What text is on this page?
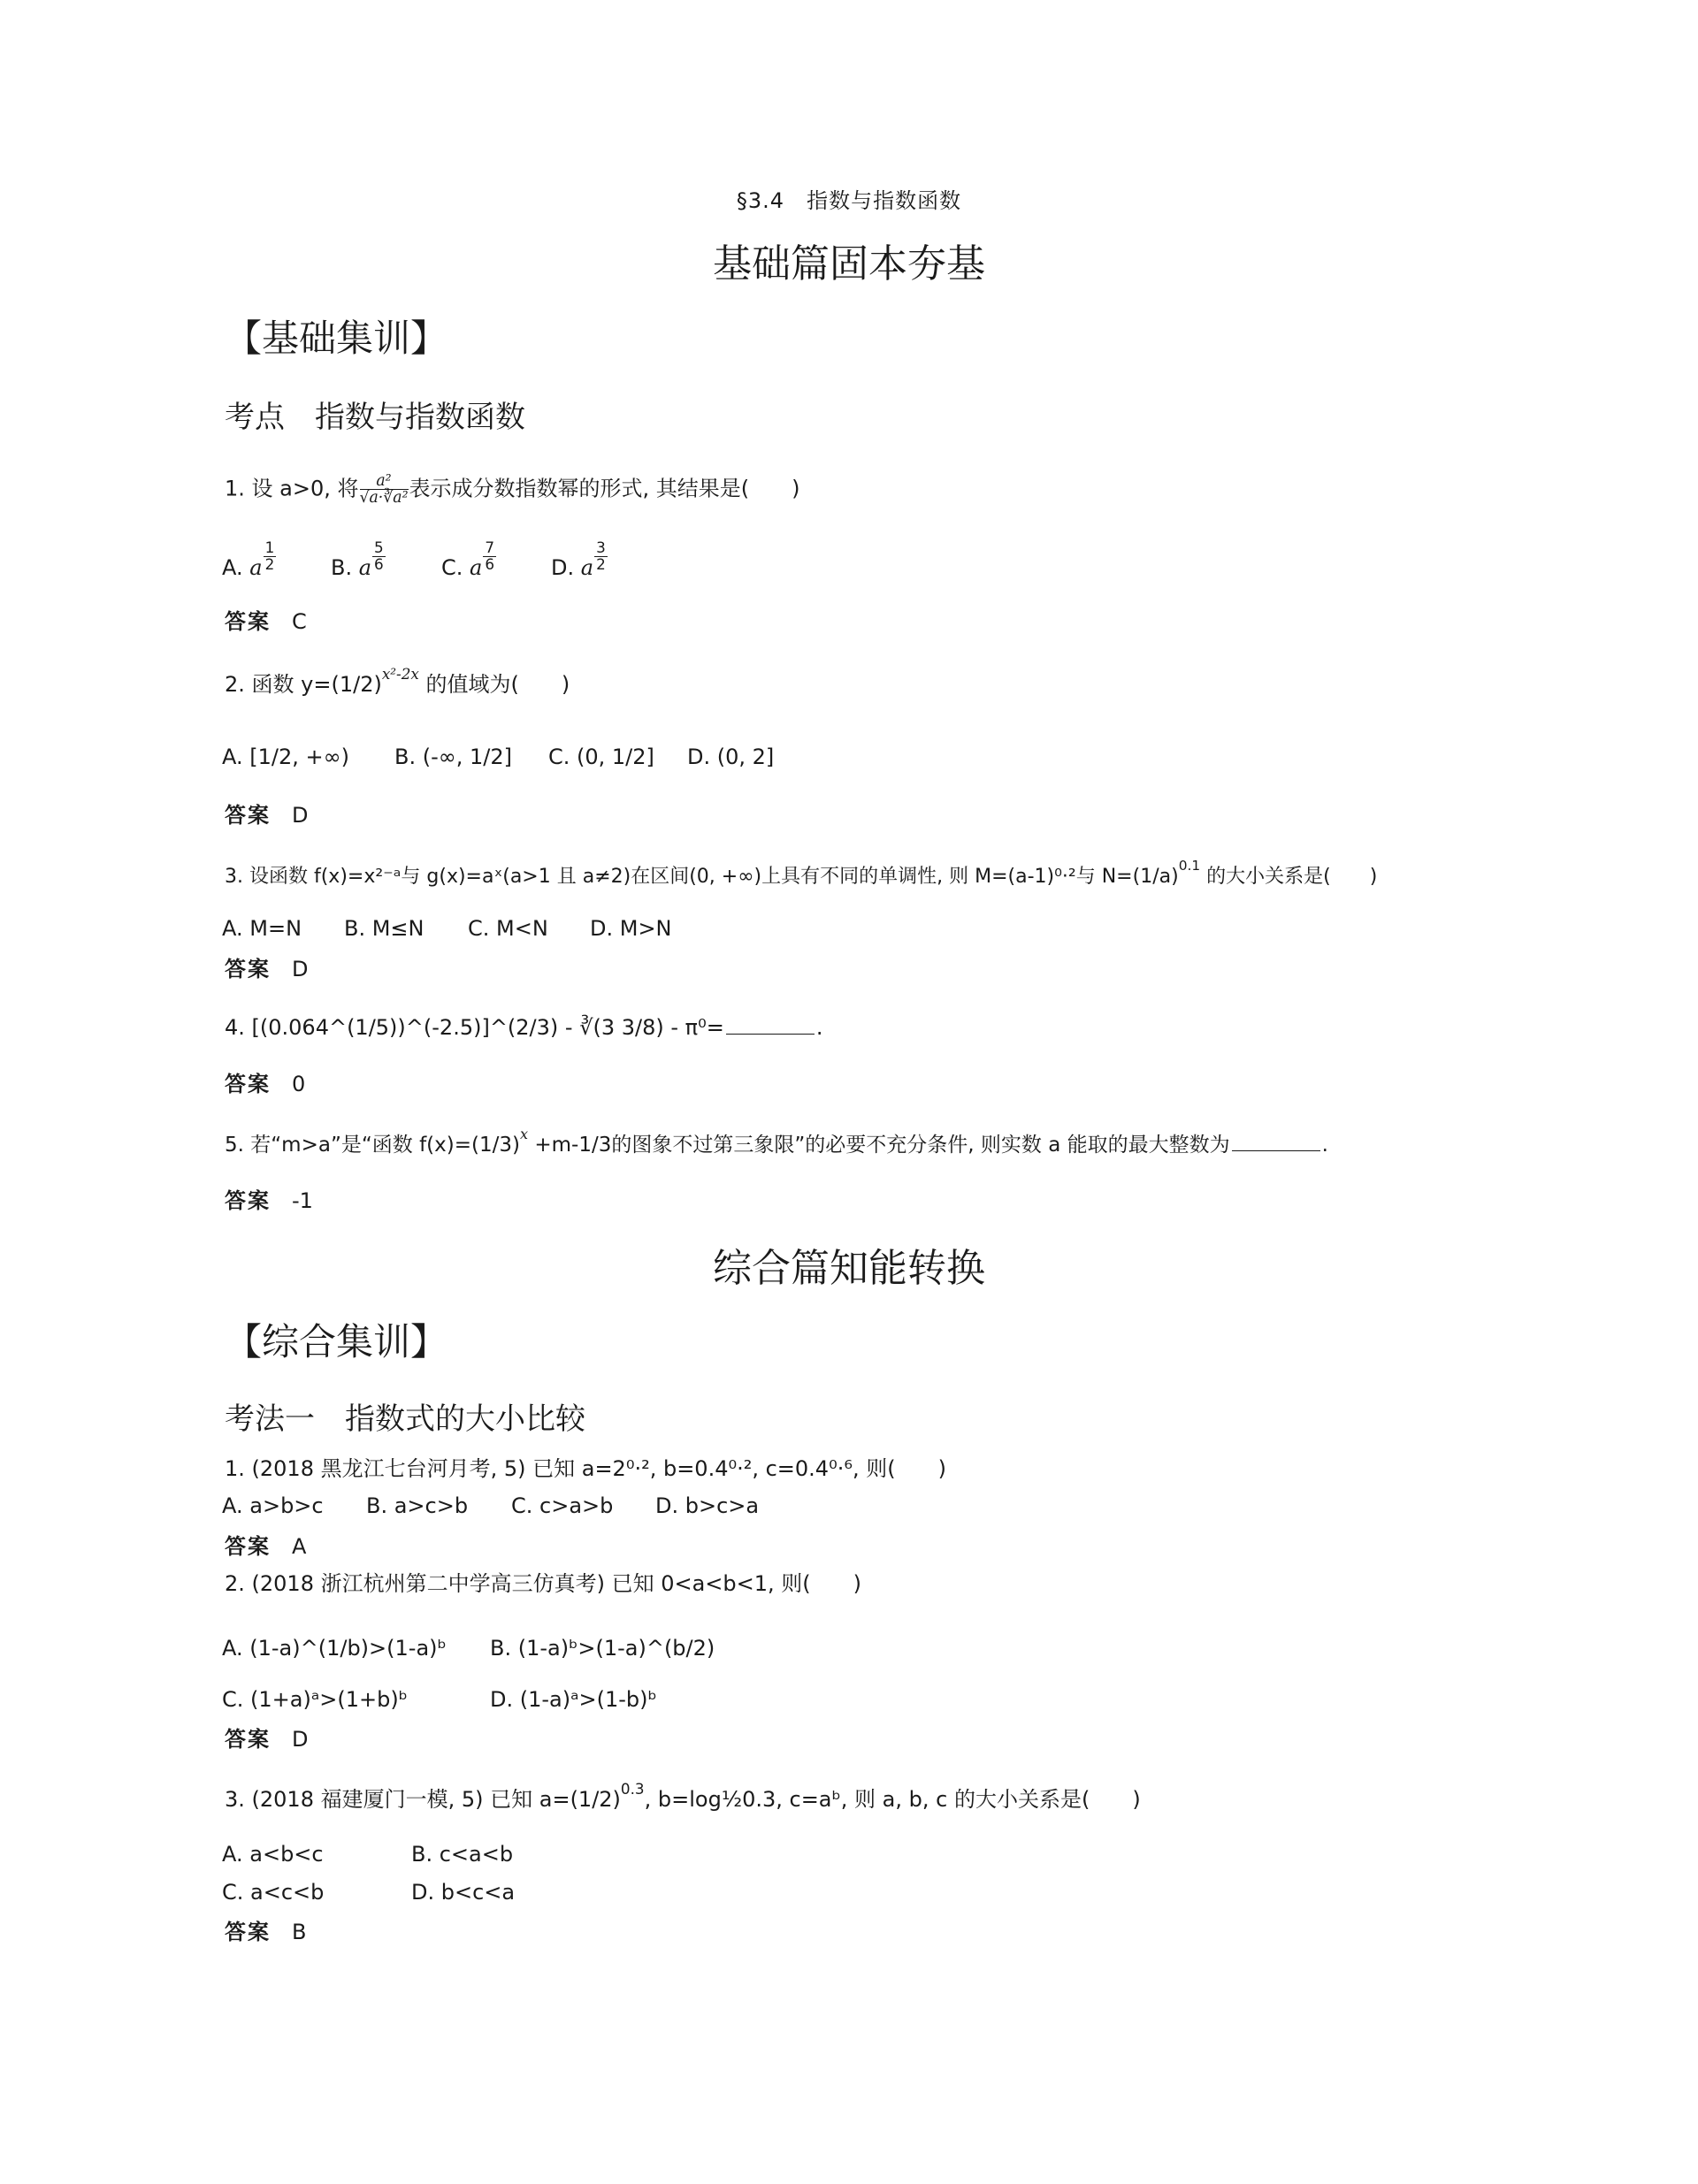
§3.4　指数与指数函数
基础篇固本夯基
【基础集训】
考点　指数与指数函数
1. 设 a>0, 将 $\frac{\text{a²}}{\text{√a·∛a²}}$ 表示成分数指数幂的形式, 其结果是(　　)
A. a $\frac{1}{2}$	B. a $\frac{5}{6}$	C. a $\frac{7}{6}$	D. a $\frac{3}{2}$
答案 C
2. 函数 $y=(1/2)^{x^2-2x}$ 的值域为(　　)
A. [1/2, +∞) B. (-∞, 1/2] C. (0, 1/2] D. (0, 2]
答案 D
3. 设函数 f(x)=x²⁻ᵃ与 g(x)=aˣ(a>1 且 a≠2)在区间(0, +∞)上具有不同的单调性, 则 M=(a-1)⁰·²与 $N=(1/a)^{0.1}$ 的大小关系是(　　)
A. M=N B. M≤N C. M<N D. M>N
答案 D
4. [(0.064^(1/5))^(-2.5)]^(2/3) - ∛(3 3/8) - π⁰=	.
答案 0
5. 若“m>a”是“函数 $f(x)=(1/3)^x +m-1/3$的图象不过第三象限”的必要不充分条件, 则实数 a 能取的最大整数为	.
答案 -1
综合篇知能转换
【综合集训】
考法一　指数式的大小比较
1. (2018 黑龙江七台河月考, 5) 已知 a=2⁰·², b=0.4⁰·², c=0.4⁰·⁶, 则(　　)
A. a>b>c B. a>c>b C. c>a>b D. b>c>a
答案 A
2. (2018 浙江杭州第二中学高三仿真考) 已知 0<a<b<1, 则(　　)
A. (1-a)^(1/b)>(1-a)ᵇ B. (1-a)ᵇ>(1-a)^(b/2)
C. (1+a)ᵃ>(1+b)ᵇ	D. (1-a)ᵃ>(1-b)ᵇ
答案 D
3. (2018 福建厦门一模, 5) 已知 $a=(1/2)^{0.3}$, b=log½0.3, c=aᵇ, 则 a, b, c 的大小关系是(　　)
A. a<b<c	B. c<a<b
C. a<c<b	D. b<c<a
答案 B
